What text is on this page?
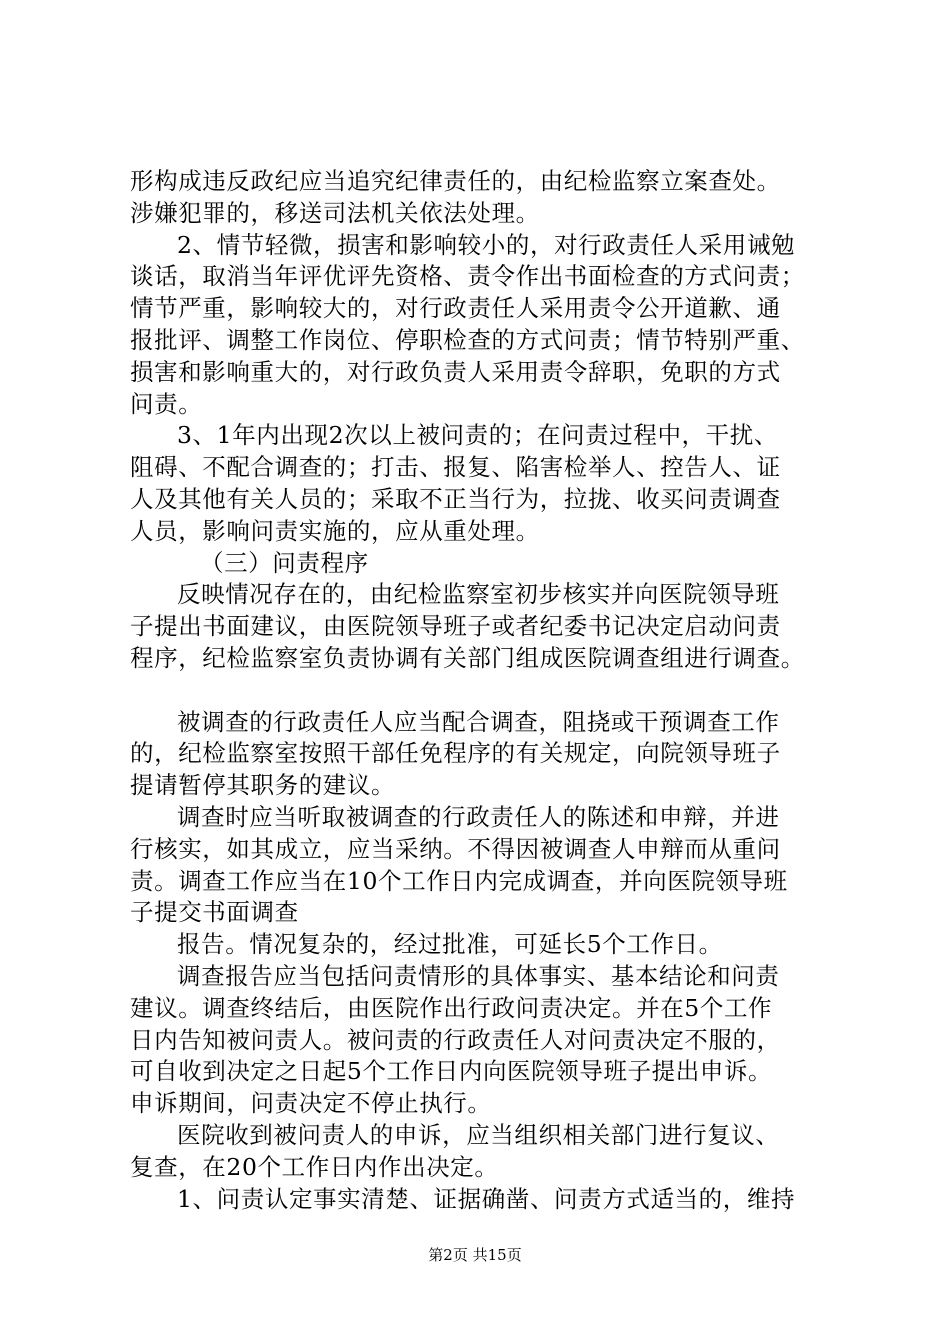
形构成违反政纪应当追究纪律责任的，由纪检监察立案查处。
涉嫌犯罪的，移送司法机关依法处理。
2、情节轻微，损害和影响较小的，对行政责任人采用诫勉
谈话，取消当年评优评先资格、责令作出书面检查的方式问责；
情节严重，影响较大的，对行政责任人采用责令公开道歉、通
报批评、调整工作岗位、停职检查的方式问责；情节特别严重、
损害和影响重大的，对行政负责人采用责令辞职，免职的方式
问责。
3、1年内出现2次以上被问责的；在问责过程中，干扰、
阻碍、不配合调查的；打击、报复、陷害检举人、控告人、证
人及其他有关人员的；采取不正当行为，拉拢、收买问责调查
人员，影响问责实施的，应从重处理。
（三）问责程序
反映情况存在的，由纪检监察室初步核实并向医院领导班
子提出书面建议，由医院领导班子或者纪委书记决定启动问责
程序，纪检监察室负责协调有关部门组成医院调查组进行调查。
被调查的行政责任人应当配合调查，阻挠或干预调查工作
的，纪检监察室按照干部任免程序的有关规定，向院领导班子
提请暂停其职务的建议。
调查时应当听取被调查的行政责任人的陈述和申辩，并进
行核实，如其成立，应当采纳。不得因被调查人申辩而从重问
责。调查工作应当在10个工作日内完成调查，并向医院领导班
子提交书面调查
报告。情况复杂的，经过批准，可延长5个工作日。
调查报告应当包括问责情形的具体事实、基本结论和问责
建议。调查终结后，由医院作出行政问责决定。并在5个工作
日内告知被问责人。被问责的行政责任人对问责决定不服的，
可自收到决定之日起5个工作日内向医院领导班子提出申诉。
申诉期间，问责决定不停止执行。
医院收到被问责人的申诉，应当组织相关部门进行复议、
复查，在20个工作日内作出决定。
1、问责认定事实清楚、证据确凿、问责方式适当的，维持
第2页 共15页
